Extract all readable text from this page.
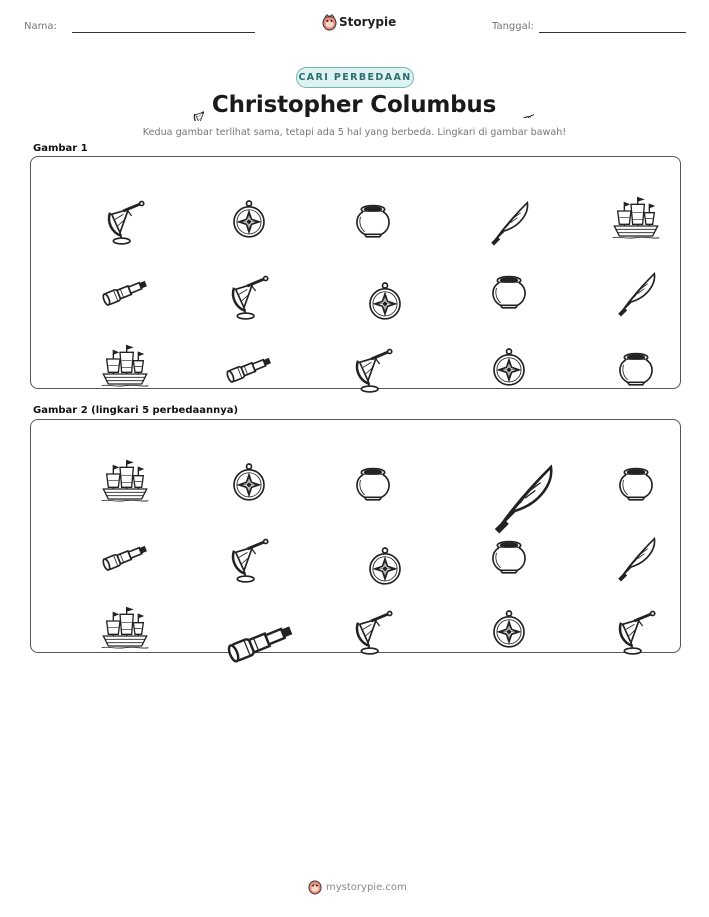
Nama:	Storypie	Tanggal:
CARI PERBEDAAN
Christopher Columbus
Kedua gambar terlihat sama, tetapi ada 5 hal yang berbeda. Lingkari di gambar bawah!
Gambar 1
Gambar 2 (lingkari 5 perbedaannya)
mystorypie.com
